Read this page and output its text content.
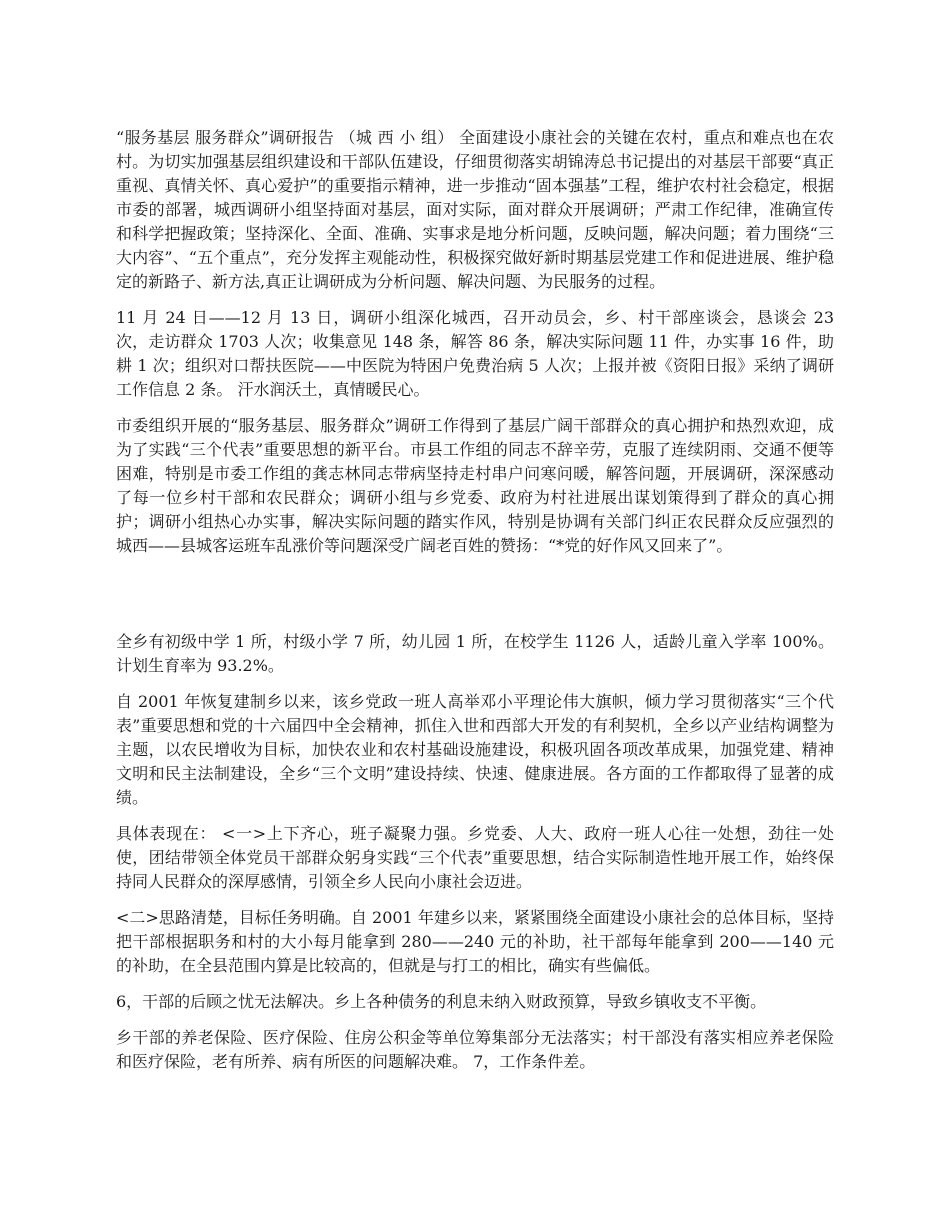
“服务基层 服务群众”调研报告 （城 西 小 组） 全面建设小康社会的关键在农村，重点和难点也在农村。为切实加强基层组织建设和干部队伍建设，仔细贯彻落实胡锦涛总书记提出的对基层干部要“真正重视、真情关怀、真心爱护”的重要指示精神，进一步推动“固本强基”工程，维护农村社会稳定，根据市委的部署，城西调研小组坚持面对基层，面对实际，面对群众开展调研；严肃工作纪律，准确宣传和科学把握政策；坚持深化、全面、准确、实事求是地分析问题，反映问题，解决问题；着力围绕“三大内容”、“五个重点”，充分发挥主观能动性，积极探究做好新时期基层党建工作和促进进展、维护稳定的新路子、新方法,真正让调研成为分析问题、解决问题、为民服务的过程。

11 月 24 日——12 月 13 日，调研小组深化城西，召开动员会，乡、村干部座谈会，恳谈会 23 次，走访群众 1703 人次；收集意见 148 条，解答 86 条，解决实际问题 11 件，办实事 16 件，助耕 1 次；组织对口帮扶医院——中医院为特困户免费治病 5 人次；上报并被《资阳日报》采纳了调研工作信息 2 条。 汗水润沃土，真情暖民心。

市委组织开展的“服务基层、服务群众”调研工作得到了基层广阔干部群众的真心拥护和热烈欢迎，成为了实践“三个代表”重要思想的新平台。市县工作组的同志不辞辛劳，克服了连续阴雨、交通不便等困难，特别是市委工作组的龚志林同志带病坚持走村串户问寒问暖，解答问题，开展调研，深深感动了每一位乡村干部和农民群众；调研小组与乡党委、政府为村社进展出谋划策得到了群众的真心拥护；调研小组热心办实事，解决实际问题的踏实作风，特别是协调有关部门纠正农民群众反应强烈的城西——县城客运班车乱涨价等问题深受广阔老百姓的赞扬：“*党的好作风又回来了”。

全乡有初级中学 1 所，村级小学 7 所，幼儿园 1 所，在校学生 1126 人，适龄儿童入学率 100%。计划生育率为 93.2%。

自 2001 年恢复建制乡以来，该乡党政一班人高举邓小平理论伟大旗帜，倾力学习贯彻落实“三个代表”重要思想和党的十六届四中全会精神，抓住入世和西部大开发的有利契机，全乡以产业结构调整为主题，以农民增收为目标，加快农业和农村基础设施建设，积极巩固各项改革成果，加强党建、精神文明和民主法制建设，全乡“三个文明”建设持续、快速、健康进展。各方面的工作都取得了显著的成绩。

具体表现在： <一>上下齐心，班子凝聚力强。乡党委、人大、政府一班人心往一处想，劲往一处使，团结带领全体党员干部群众躬身实践“三个代表”重要思想，结合实际制造性地开展工作，始终保持同人民群众的深厚感情，引领全乡人民向小康社会迈进。

<二>思路清楚，目标任务明确。自 2001 年建乡以来，紧紧围绕全面建设小康社会的总体目标，坚持把干部根据职务和村的大小每月能拿到 280——240 元的补助，社干部每年能拿到 200——140 元的补助，在全县范围内算是比较高的，但就是与打工的相比，确实有些偏低。

6，干部的后顾之忧无法解决。乡上各种债务的利息未纳入财政预算，导致乡镇收支不平衡。

乡干部的养老保险、医疗保险、住房公积金等单位筹集部分无法落实；村干部没有落实相应养老保险和医疗保险，老有所养、病有所医的问题解决难。 7，工作条件差。
